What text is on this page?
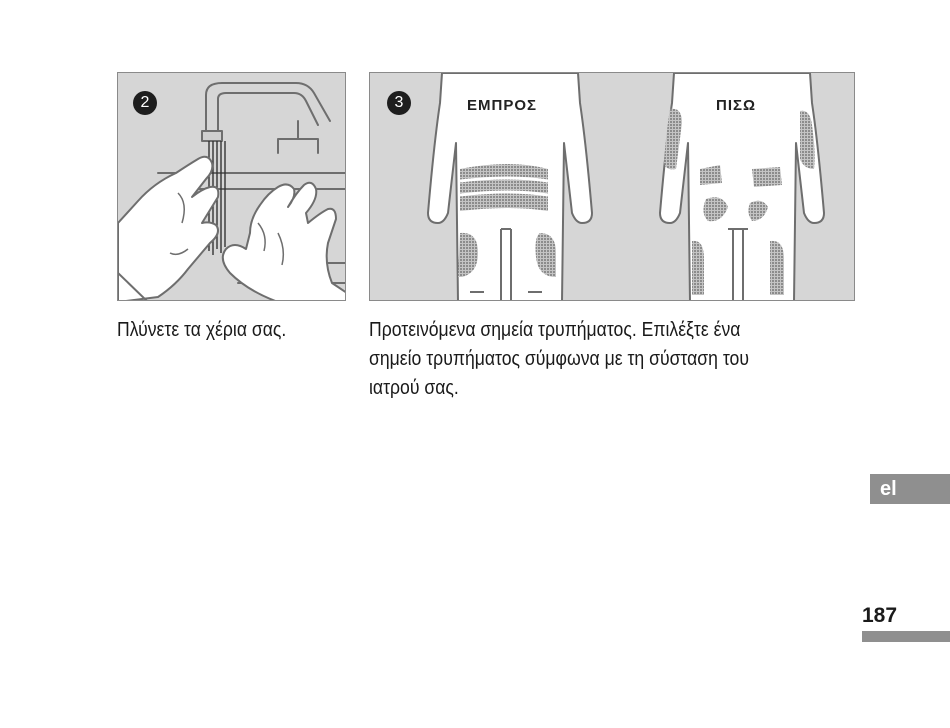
2	3	ΕΜΠΡΟΣ	ΠΙΣΩ
Πλύνετε τα χέρια σας.	Προτεινόμενα σημεία τρυπήματος. Επιλέξτε ένα
σημείο τρυπήματος σύμφωνα με τη σύσταση του
ιατρού σας.
el
187
